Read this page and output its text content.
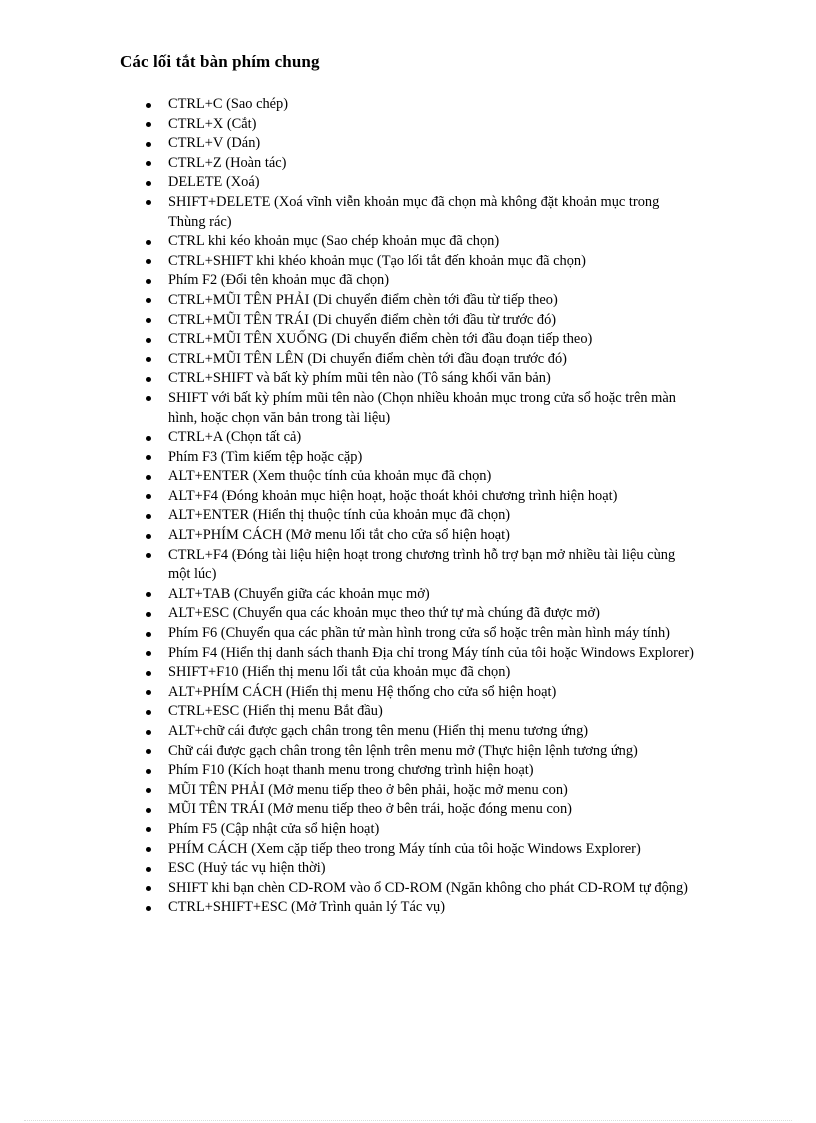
Các lối tắt bàn phím chung
CTRL+C (Sao chép)
CTRL+X (Cắt)
CTRL+V (Dán)
CTRL+Z (Hoàn tác)
DELETE (Xoá)
SHIFT+DELETE (Xoá vĩnh viễn khoản mục đã chọn mà không đặt khoản mục trong Thùng rác)
CTRL khi kéo khoản mục (Sao chép khoản mục đã chọn)
CTRL+SHIFT khi khéo khoản mục (Tạo lối tắt đến khoản mục đã chọn)
Phím F2 (Đổi tên khoản mục đã chọn)
CTRL+MŨI TÊN PHẢI (Di chuyển điểm chèn tới đầu từ tiếp theo)
CTRL+MŨI TÊN TRÁI (Di chuyển điểm chèn tới đầu từ trước đó)
CTRL+MŨI TÊN XUỐNG (Di chuyển điểm chèn tới đầu đoạn tiếp theo)
CTRL+MŨI TÊN LÊN (Di chuyển điểm chèn tới đầu đoạn trước đó)
CTRL+SHIFT và bất kỳ phím mũi tên nào (Tô sáng khối văn bản)
SHIFT với bất kỳ phím mũi tên nào (Chọn nhiều khoản mục trong cửa sổ hoặc trên màn hình, hoặc chọn văn bản trong tài liệu)
CTRL+A (Chọn tất cả)
Phím F3 (Tìm kiếm tệp hoặc cặp)
ALT+ENTER (Xem thuộc tính của khoản mục đã chọn)
ALT+F4 (Đóng khoản mục hiện hoạt, hoặc thoát khỏi chương trình hiện hoạt)
ALT+ENTER (Hiển thị thuộc tính của khoản mục đã chọn)
ALT+PHÍM CÁCH (Mở menu lối tắt cho cửa sổ hiện hoạt)
CTRL+F4 (Đóng tài liệu hiện hoạt trong chương trình hỗ trợ bạn mở nhiều tài liệu cùng một lúc)
ALT+TAB (Chuyển giữa các khoản mục mở)
ALT+ESC (Chuyển qua các khoản mục theo thứ tự mà chúng đã được mở)
Phím F6 (Chuyển qua các phần tử màn hình trong cửa sổ hoặc trên màn hình máy tính)
Phím F4 (Hiển thị danh sách thanh Địa chỉ trong Máy tính của tôi hoặc Windows Explorer)
SHIFT+F10 (Hiển thị menu lối tắt của khoản mục đã chọn)
ALT+PHÍM CÁCH (Hiển thị menu Hệ thống cho cửa sổ hiện hoạt)
CTRL+ESC (Hiển thị menu Bắt đầu)
ALT+chữ cái được gạch chân trong tên menu (Hiển thị menu tương ứng)
Chữ cái được gạch chân trong tên lệnh trên menu mở (Thực hiện lệnh tương ứng)
Phím F10 (Kích hoạt thanh menu trong chương trình hiện hoạt)
MŨI TÊN PHẢI (Mở menu tiếp theo ở bên phải, hoặc mở menu con)
MŨI TÊN TRÁI (Mở menu tiếp theo ở bên trái, hoặc đóng menu con)
Phím F5 (Cập nhật cửa sổ hiện hoạt)
PHÍM CÁCH (Xem cặp tiếp theo trong Máy tính của tôi hoặc Windows Explorer)
ESC (Huỷ tác vụ hiện thời)
SHIFT khi bạn chèn CD-ROM vào ổ CD-ROM (Ngăn không cho phát CD-ROM tự động)
CTRL+SHIFT+ESC (Mở Trình quản lý Tác vụ)
